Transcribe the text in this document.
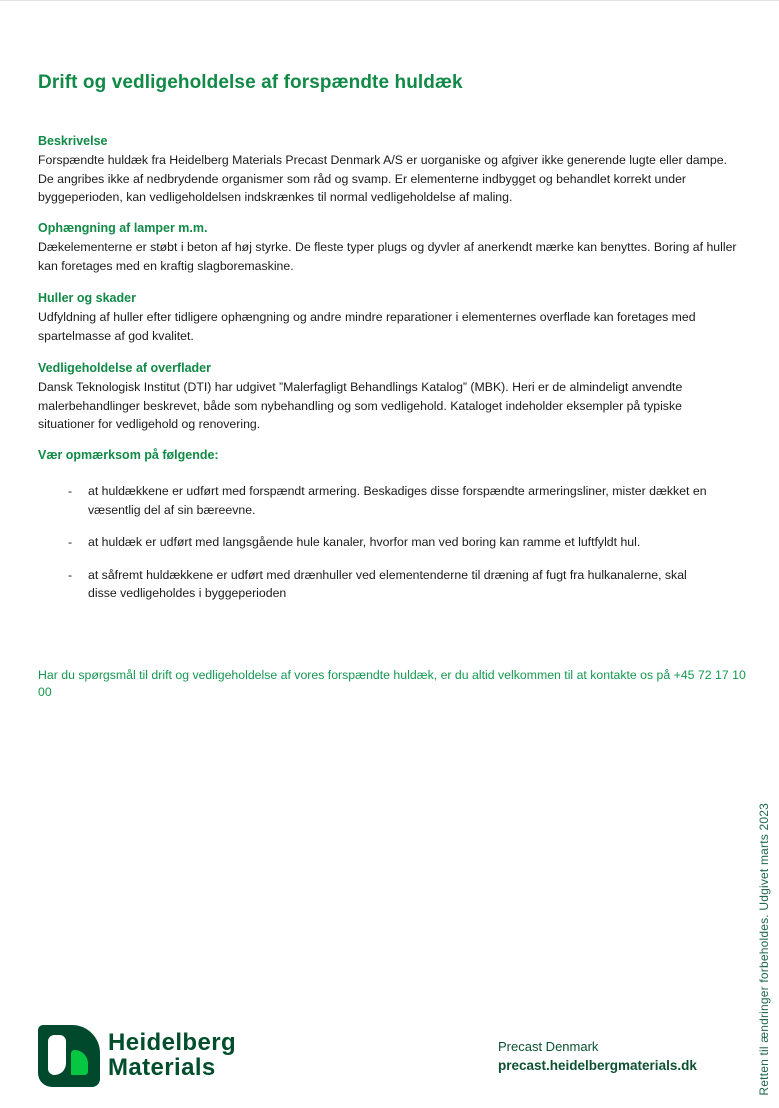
Drift og vedligeholdelse af forspændte huldæk
Beskrivelse

Forspændte huldæk fra Heidelberg Materials Precast Denmark A/S er uorganiske og afgiver ikke generende lugte eller dampe. De angribes ikke af nedbrydende organismer som råd og svamp. Er elementerne indbygget og behandlet korrekt under byggeperioden, kan vedligeholdelsen indskrænkes til normal vedligeholdelse af maling.

Ophængning af lamper m.m.

Dækelementerne er støbt i beton af høj styrke. De fleste typer plugs og dyvler af anerkendt mærke kan benyttes. Boring af huller kan foretages med en kraftig slagboremaskine.

Huller og skader

Udfyldning af huller efter tidligere ophængning og andre mindre reparationer i elementernes overflade kan foretages med spartelmasse af god kvalitet.

Vedligeholdelse af overflader

Dansk Teknologisk Institut (DTI) har udgivet ”Malerfagligt Behandlings Katalog” (MBK). Heri er de almindeligt anvendte malerbehandlinger beskrevet, både som nybehandling og som vedligehold. Kataloget indeholder eksempler på typiske situationer for vedligehold og renovering.

Vær opmærksom på følgende:
-	at huldækkene er udført med forspændt armering. Beskadiges disse forspændte armeringsliner, mister dækket en væsentlig del af sin bæreevne.
-	at huldæk er udført med langsgående hule kanaler, hvorfor man ved boring kan ramme et luftfyldt hul.
-	at såfremt huldækkene er udført med drænhuller ved elementenderne til dræning af fugt fra hulkanalerne, skal disse vedligeholdes i byggeperioden
Har du spørgsmål til drift og vedligeholdelse af vores forspændte huldæk, er du altid velkommen til at kontakte os på +45 72 17 10 00
Retten til ændringer forbeholdes. Udgivet marts 2023
Heidelberg
Materials
Precast Denmark
precast.heidelbergmaterials.dk
